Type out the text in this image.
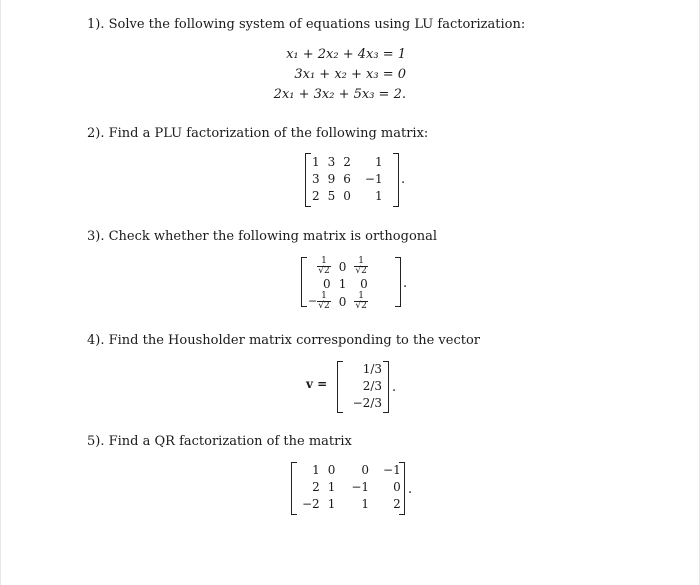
1). Solve the following system of equations using LU factorization:
x₁ + 2x₂ + 4x₃ = 1
3x₁ + x₂ + x₃ = 0
2x₁ + 3x₂ + 5x₃ = 2.
2). Find a PLU factorization of the following matrix:
1	3	2	1
3	9	6	−1
2	5	0	1
.
3). Check whether the following matrix is orthogonal
$\frac{1}{√2}$	0	$\frac{1}{√2}$

0	1	0
− $\frac{1}{√2}$	0	$\frac{1}{√2}$
.
4). Find the Housholder matrix corresponding to the vector
v =
1/3
2/3
−2/3
.
5). Find a QR factorization of the matrix
1	0	0	−1
2	1	−1	0
−2	1	1	2
.
